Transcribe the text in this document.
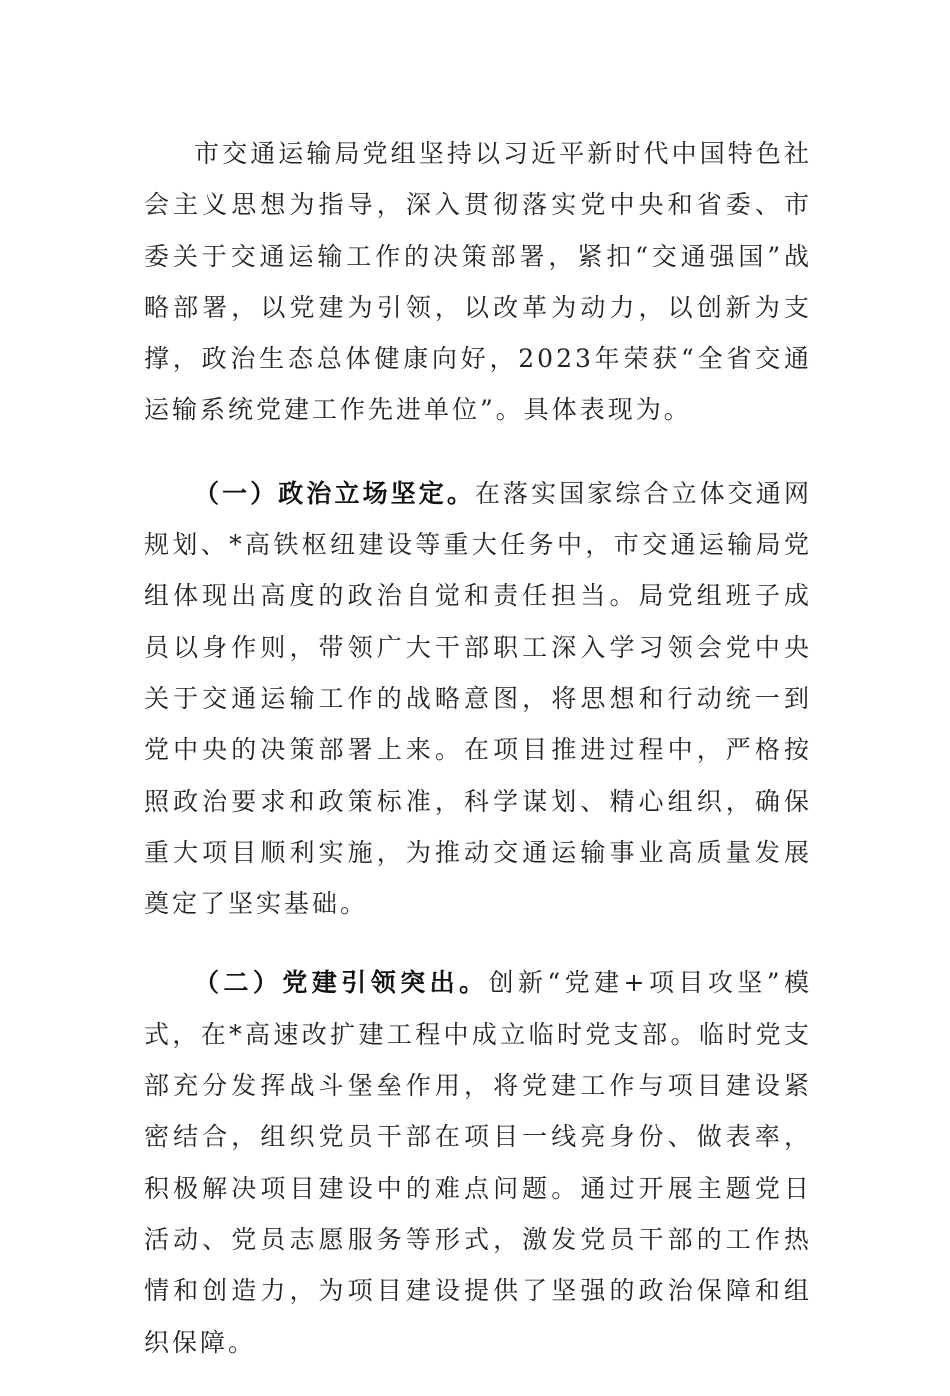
市交通运输局党组坚持以习近平新时代中国特色社会主义思想为指导，深入贯彻落实党中央和省委、市委关于交通运输工作的决策部署，紧扣“交通强国”战略部署，以党建为引领，以改革为动力，以创新为支撑，政治生态总体健康向好，2023年荣获“全省交通运输系统党建工作先进单位”。具体表现为。

（一）政治立场坚定。在落实国家综合立体交通网规划、*高铁枢纽建设等重大任务中，市交通运输局党组体现出高度的政治自觉和责任担当。局党组班子成员以身作则，带领广大干部职工深入学习领会党中央关于交通运输工作的战略意图，将思想和行动统一到党中央的决策部署上来。在项目推进过程中，严格按照政治要求和政策标准，科学谋划、精心组织，确保重大项目顺利实施，为推动交通运输事业高质量发展奠定了坚实基础。

（二）党建引领突出。创新“党建+项目攻坚”模式，在*高速改扩建工程中成立临时党支部。临时党支部充分发挥战斗堡垒作用，将党建工作与项目建设紧密结合，组织党员干部在项目一线亮身份、做表率，积极解决项目建设中的难点问题。通过开展主题党日活动、党员志愿服务等形式，激发党员干部的工作热情和创造力，为项目建设提供了坚强的政治保障和组织保障。
